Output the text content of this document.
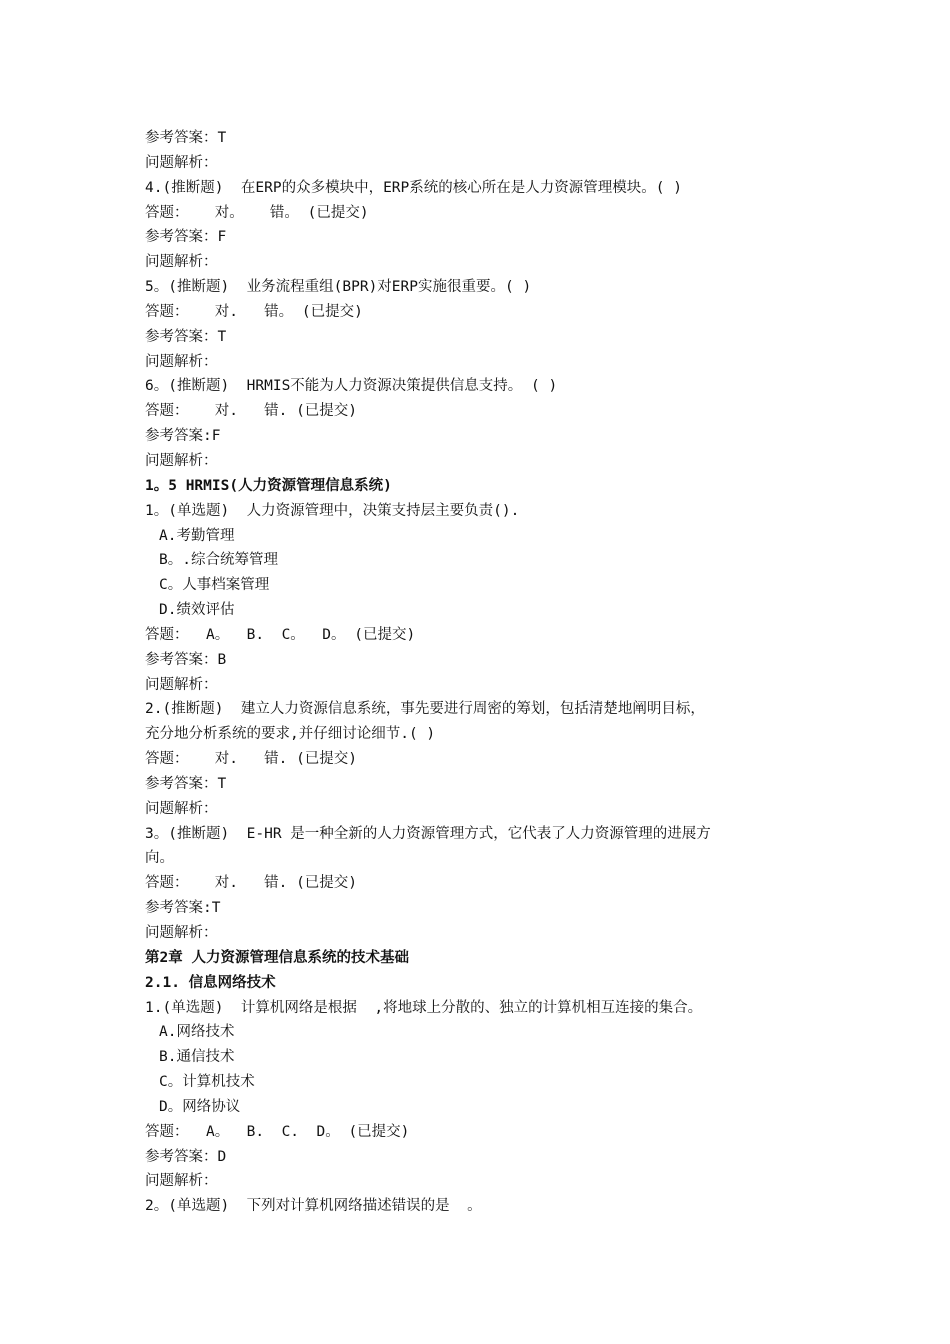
参考答案：T
问题解析：
4.(推断题)  在ERP的众多模块中，ERP系统的核心所在是人力资源管理模块。( )
答题：   对。   错。 (已提交)
参考答案：F
问题解析：
5。(推断题)  业务流程重组(BPR)对ERP实施很重要。( )
答题：   对.   错。 (已提交)
参考答案：T
问题解析：
6。(推断题)  HRMIS不能为人力资源决策提供信息支持。 ( )
答题：   对.   错. (已提交)
参考答案:F
问题解析：
1。5 HRMIS(人力资源管理信息系统)
1。(单选题)  人力资源管理中，决策支持层主要负责().
A.考勤管理
B。.综合统筹管理
C。人事档案管理
D.绩效评估
答题：  A。  B.  C。  D。 (已提交)
参考答案：B
问题解析：
2.(推断题)  建立人力资源信息系统，事先要进行周密的筹划，包括清楚地阐明目标，
充分地分析系统的要求,并仔细讨论细节.( )
答题：   对.   错. (已提交)
参考答案：T
问题解析：
3。(推断题)  E-HR 是一种全新的人力资源管理方式，它代表了人力资源管理的进展方
向。
答题：   对.   错. (已提交)
参考答案:T
问题解析：
第2章 人力资源管理信息系统的技术基础
2.1. 信息网络技术
1.(单选题)  计算机网络是根据  ,将地球上分散的、独立的计算机相互连接的集合。
A.网络技术
B.通信技术
C。计算机技术
D。网络协议
答题：  A。  B.  C.  D。 (已提交)
参考答案：D
问题解析：
2。(单选题)  下列对计算机网络描述错误的是  。
